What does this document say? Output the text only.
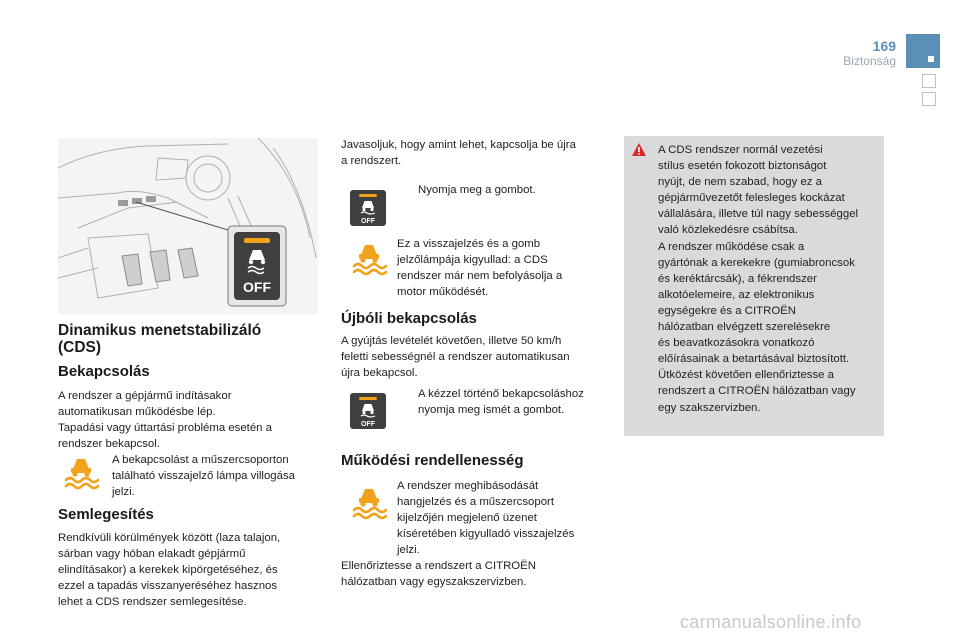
169
Biztonság
OFF
Dinamikus menetstabilizáló (CDS)
Bekapcsolás

A rendszer a gépjármű indításakor

automatikusan működésbe lép.

Tapadási vagy úttartási probléma esetén a

rendszer bekapcsol.

A bekapcsolást a műszercsoporton

található visszajelző lámpa villogása

jelzi.

Semlegesítés

Rendkívüli körülmények között (laza talajon,

sárban vagy hóban elakadt gépjármű

elindításakor) a kerekek kipörgetéséhez, és

ezzel a tapadás visszanyeréséhez hasznos

lehet a CDS rendszer semlegesítése.

Javasoljuk, hogy amint lehet, kapcsolja be újra

a rendszert.

OFF
Nyomja meg a gombot.

Ez a visszajelzés és a gomb

jelzőlámpája kigyullad: a CDS

rendszer már nem befolyásolja a

motor működését.

Újbóli bekapcsolás

A gyújtás levételét követően, illetve 50 km/h

feletti sebességnél a rendszer automatikusan

újra bekapcsol.

OFF

A kézzel történő bekapcsoláshoz

nyomja meg ismét a gombot.

Működési rendellenesség

A rendszer meghibásodását

hangjelzés és a műszercsoport

kijelzőjén megjelenő üzenet

kíséretében kigyulladó visszajelzés

jelzi.

Ellenőriztesse a rendszert a CITROËN

hálózatban vagy egyszakszervizben.

A CDS rendszer normál vezetési
stílus esetén fokozott biztonságot
nyújt, de nem szabad, hogy ez a
gépjárművezetőt felesleges kockázat
vállalására, illetve túl nagy sebességgel
való közlekedésre csábítsa.
A rendszer működése csak a
gyártónak a kerekekre (gumiabroncsok
és keréktárcsák), a fékrendszer
alkotóelemeire, az elektronikus
egységekre és a CITROËN
hálózatban elvégzett szerelésekre
és beavatkozásokra vonatkozó
előírásainak a betartásával biztosított.
Ütközést követően ellenőriztesse a
rendszert a CITROËN hálózatban vagy
egy szakszervizben.
carmanualsonline.info
